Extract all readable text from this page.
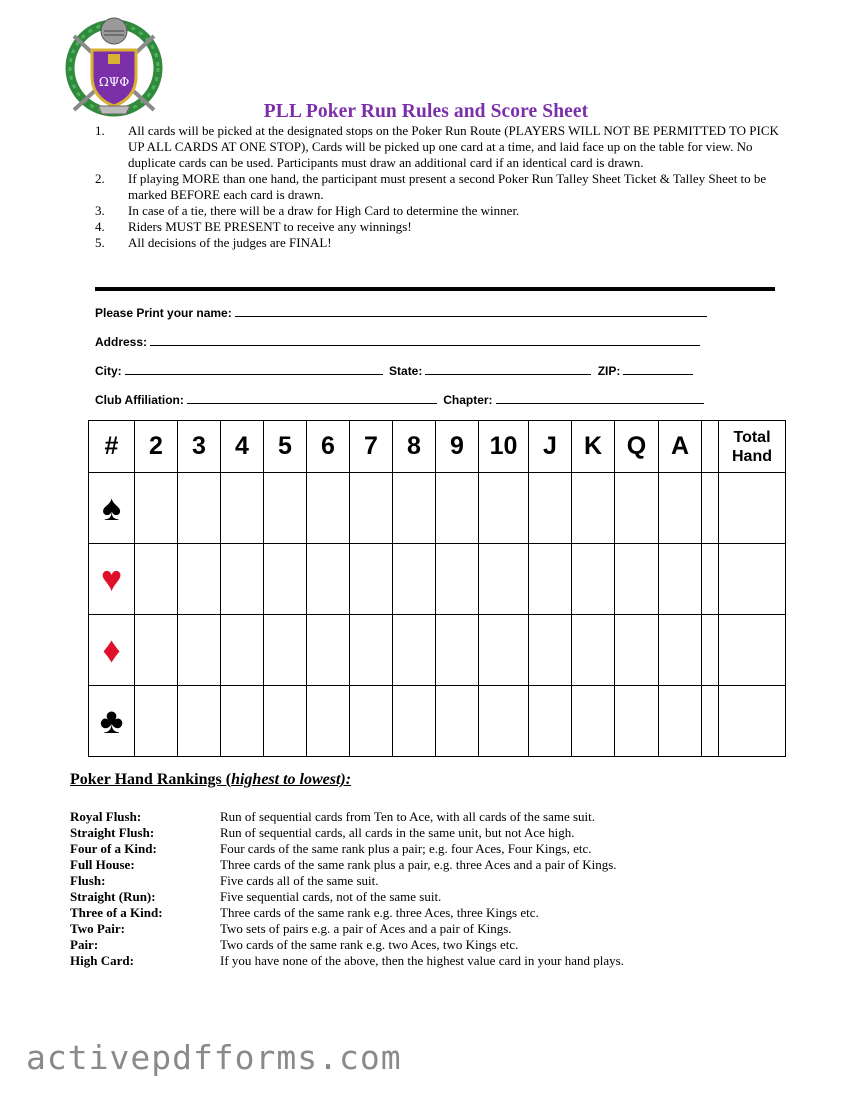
ΩΨΦ
PLL Poker Run Rules and Score Sheet
1. All cards will be picked at the designated stops on the Poker Run Route (PLAYERS WILL NOT BE PERMITTED TO PICK UP ALL CARDS AT ONE STOP), Cards will be picked up one card at a time, and laid face up on the table for view. No duplicate cards can be used. Participants must draw an additional card if an identical card is drawn.
2. If playing MORE than one hand, the participant must present a second Poker Run Talley Sheet Ticket & Talley Sheet to be marked BEFORE each card is drawn.
3. In case of a tie, there will be a draw for High Card to determine the winner.
4. Riders MUST BE PRESENT to receive any winnings!
5. All decisions of the judges are FINAL!
Please Print your name:
Address:
City:	State:	ZIP:
Club Affiliation:	Chapter:
#	2	3	4	5	6	7	8	9	10	J	K	Q	A		Total
Hand
♠															
♥															
♦															
♣															
Poker Hand Rankings (highest to lowest):
Royal Flush:	Run of sequential cards from Ten to Ace, with all cards of the same suit.
Straight Flush:	Run of sequential cards, all cards in the same unit, but not Ace high.
Four of a Kind:	Four cards of the same rank plus a pair; e.g. four Aces, Four Kings, etc.
Full House:	Three cards of the same rank plus a pair, e.g. three Aces and a pair of Kings.
Flush:	Five cards all of the same suit.
Straight (Run):	Five sequential cards, not of the same suit.
Three of a Kind:	Three cards of the same rank e.g. three Aces, three Kings etc.
Two Pair:	Two sets of pairs e.g. a pair of Aces and a pair of Kings.
Pair:	Two cards of the same rank e.g. two Aces, two Kings etc.
High Card:	If you have none of the above, then the highest value card in your hand plays.
activepdfforms.com
